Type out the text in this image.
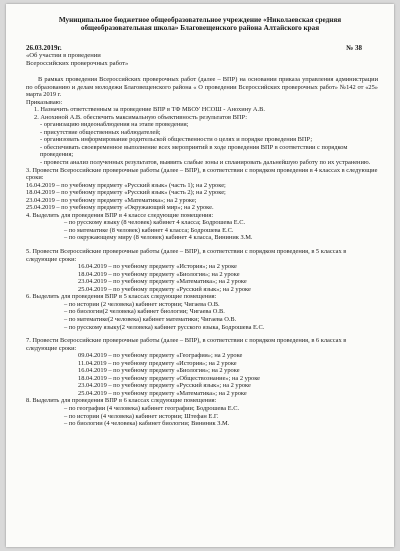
Муниципальное бюджетное общеобразовательное учреждение «Николаевская средняя
общеобразовательная школа» Благовещенского района Алтайского края
26.03.2019г.	№ 38
«Об участии в проведении
Всероссийских проверочных работ»

В рамках проведения Всероссийских проверочных работ (далее – ВПР) на основании приказа управления администрации по образованию и делам молодежи Благовещенского района « О проведении Всероссийских проверочных работ» №142 от «25» марта 2019 г.

Приказываю:

1. Назначить ответственным за проведение ВПР в ТФ МБОУ НСОШ - Анохину А.В.

2. Анохиной А.В. обеспечить максимальную объективность результатов ВПР:

- организацию видеонаблюдения на этапе проведения;

- присутствие общественных наблюдателей;

- организовать информирование родительской общественности о целях и порядке проведения ВПР;

- обеспечивать своевременное выполнение всех мероприятий в ходе проведения ВПР в соответствии с порядком проведения;

- провести анализ полученных результатов, выявить слабые зоны и спланировать дальнейшую работу по их устранению.

3. Провести Всероссийские проверочные работы (далее – ВПР), в соответствии с порядком проведения в 4 классах в следующие сроки:

16.04.2019 – по учебному предмету «Русский язык» (часть 1); на 2 уроке;

18.04.2019 – по учебному предмету «Русский язык» (часть 2); на 2 уроке;

23.04.2019 – по учебному предмету «Математика»; на 2 уроке;

25.04.2019 – по учебному предмету «Окружающий мир»; на 2 уроке.

4. Выделить для проведения ВПР в 4 классе следующие помещения:

– по русскому языку (8 человек) кабинет 4 класса; Бодрошева Е.С.

– по математике (8 человек) кабинет 4 класса; Бодрошева Е.С.

– по окружающему миру (8 человек) кабинет 4 класса, Вининик З.М.

5. Провести Всероссийские проверочные работы (далее – ВПР), в соответствии с порядком проведения, в 5 классах в следующие сроки:

16.04.2019 – по учебному предмету «История»; на 2 уроке

18.04.2019 – по учебному предмету «Биология»; на 2 уроке

23.04.2019 – по учебному предмету «Математика»; на 2 уроке

25.04.2019 – по учебному предмету «Русский язык»; на 2 уроке

6. Выделить для проведения ВПР в 5 классах следующие помещения:

– по истории (2 человека) кабинет истории; Чигаева О.В.

– по биологии(2 человека) кабинет биологии; Чигаева О.В.

– по математике(2 человека) кабинет математики; Чигаева О.В.

– по русскому языку(2 человека) кабинет русского языка, Бодрошева Е.С.

7. Провести Всероссийские проверочные работы (далее – ВПР), в соответствии с порядком проведения, в 6 классах в следующие сроки:

09.04.2019 – по учебному предмету «География»; на 2 уроке

11.04.2019 – по учебному предмету «История»; на 2 уроке

16.04.2019 – по учебному предмету «Биология»; на 2 уроке

18.04.2019 – по учебному предмету «Обществознание»; на 2 уроке

23.04.2019 – по учебному предмету «Русский язык»; на 2 уроке

25.04.2019 – по учебному предмету «Математика»; на 2 уроке

8. Выделить для проведения ВПР в 6 классах следующие помещения:

– по географии (4 человека) кабинет географии; Бодрошева Е.С.

– по истории (4 человека) кабинет истории; Штефан Е.Г.

– по биологии (4 человека) кабинет биологии; Вининик З.М.
